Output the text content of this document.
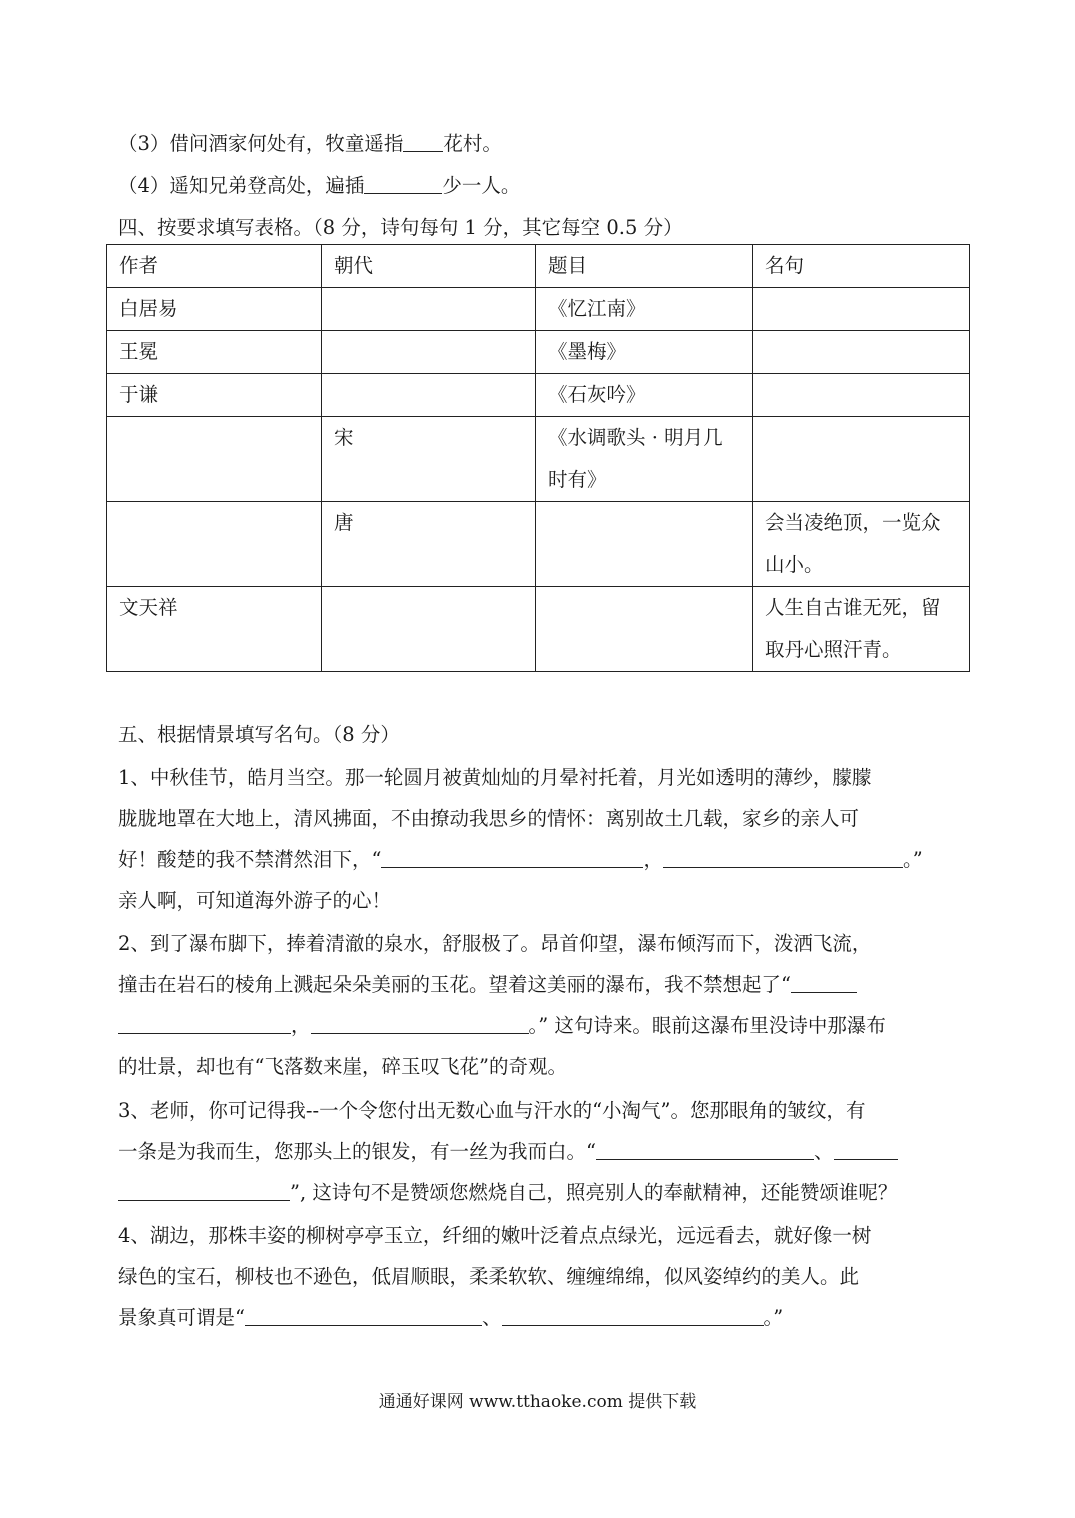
（3）借问酒家何处有，牧童遥指 花村。
（4）遥知兄弟登高处，遍插	少一人。
四、按要求填写表格。（8 分，诗句每句 1 分，其它每空 0.5 分）
作者	朝代	题目	名句

白居易		《忆江南》	

王冕		《墨梅》	

于谦		《石灰吟》	

	宋	《水调歌头 · 明月几
时有》	

	唐		会当凌绝顶，一览众
山小。

文天祥			人生自古谁无死，留
取丹心照汗青。
五、根据情景填写名句。（8 分）
1、中秋佳节，皓月当空。那一轮圆月被黄灿灿的月晕衬托着，月光如透明的薄纱，朦朦
胧胧地罩在大地上，清风拂面，不由撩动我思乡的情怀：离别故土几载，家乡的亲人可
好！酸楚的我不禁潸然泪下，“	，	。”
亲人啊，可知道海外游子的心！
2、到了瀑布脚下，捧着清澈的泉水，舒服极了。昂首仰望，瀑布倾泻而下，泼洒飞流，
撞击在岩石的棱角上溅起朵朵美丽的玉花。望着这美丽的瀑布，我不禁想起了“
，	。” 这句诗来。眼前这瀑布里没诗中那瀑布
的壮景，却也有“飞落数来崖，碎玉叹飞花”的奇观。
3、老师，你可记得我--一个令您付出无数心血与汗水的“小淘气”。您那眼角的皱纹，有
一条是为我而生，您那头上的银发，有一丝为我而白。“	、
”, 这诗句不是赞颂您燃烧自己，照亮别人的奉献精神，还能赞颂谁呢？
4、湖边，那株丰姿的柳树亭亭玉立，纤细的嫩叶泛着点点绿光，远远看去，就好像一树
绿色的宝石，柳枝也不逊色，低眉顺眼，柔柔软软、缠缠绵绵，似风姿绰约的美人。此
景象真可谓是“	、	。”
通通好课网 www.tthaoke.com 提供下载
